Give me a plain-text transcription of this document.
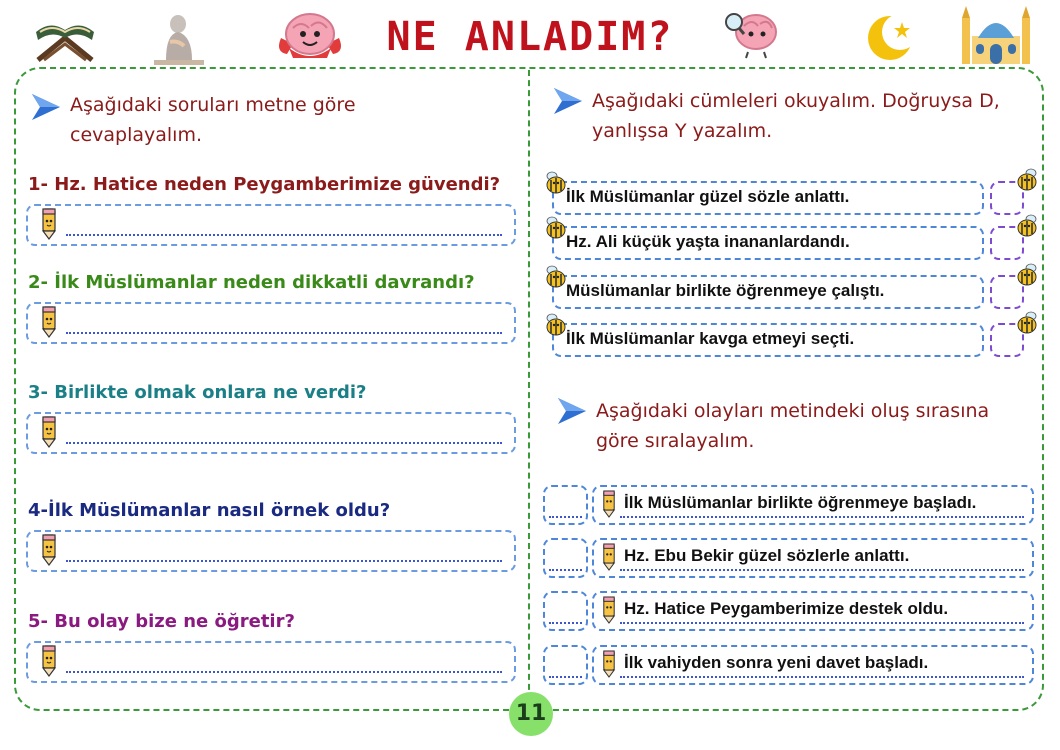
NE ANLADIM?
Aşağıdaki soruları metne göre
cevaplayalım.
1- Hz. Hatice neden Peygamberimize güvendi?
2- İlk Müslümanlar neden dikkatli davrandı?
3- Birlikte olmak onlara ne verdi?
4-İlk Müslümanlar nasıl örnek oldu?
5- Bu olay bize ne öğretir?
Aşağıdaki cümleleri okuyalım. Doğruysa D,
yanlışsa Y yazalım.
İlk Müslümanlar güzel sözle anlattı.
Hz. Ali küçük yaşta inananlardandı.
Müslümanlar birlikte öğrenmeye çalıştı.
İlk Müslümanlar kavga etmeyi seçti.
Aşağıdaki olayları metindeki oluş sırasına
göre sıralayalım.
İlk Müslümanlar birlikte öğrenmeye başladı.
Hz. Ebu Bekir güzel sözlerle anlattı.
Hz. Hatice Peygamberimize destek oldu.
İlk vahiyden sonra yeni davet başladı.
11
